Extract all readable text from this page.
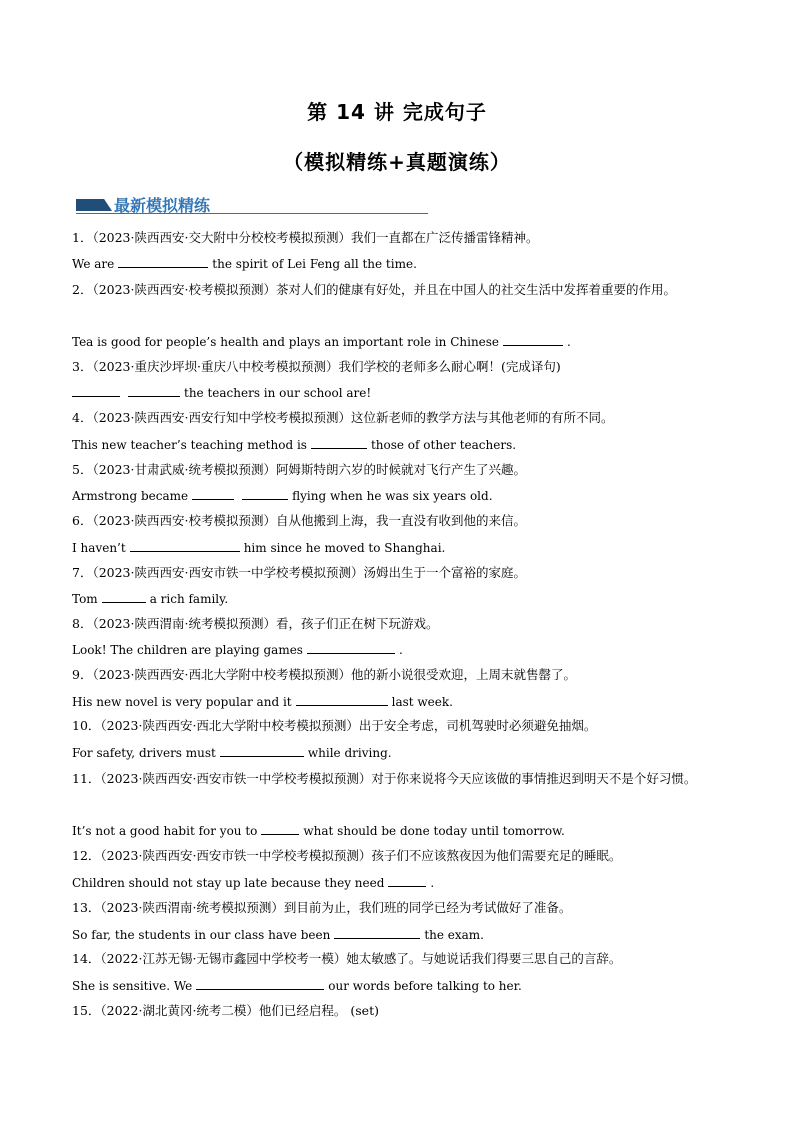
第 14 讲 完成句子
（模拟精练+真题演练）
最新模拟精练
1．（2023·陕西西安·交大附中分校校考模拟预测）我们一直都在广泛传播雷锋精神。
We are	the spirit of Lei Feng all the time.
2．（2023·陕西西安·校考模拟预测）茶对人们的健康有好处，并且在中国人的社交生活中发挥着重要的作用。
Tea is good for people’s health and plays an important role in Chinese	.
3．（2023·重庆沙坪坝·重庆八中校考模拟预测）我们学校的老师多么耐心啊！(完成译句)
the teachers in our school are!
4．（2023·陕西西安·西安行知中学校考模拟预测）这位新老师的教学方法与其他老师的有所不同。
This new teacher’s teaching method is	those of other teachers.
5．（2023·甘肃武威·统考模拟预测）阿姆斯特朗六岁的时候就对飞行产生了兴趣。
Armstrong became	flying when he was six years old.
6．（2023·陕西西安·校考模拟预测）自从他搬到上海，我一直没有收到他的来信。
I haven’t	him since he moved to Shanghai.
7．（2023·陕西西安·西安市铁一中学校考模拟预测）汤姆出生于一个富裕的家庭。
Tom	a rich family.
8．（2023·陕西渭南·统考模拟预测）看，孩子们正在树下玩游戏。
Look! The children are playing games	.
9．（2023·陕西西安·西北大学附中校考模拟预测）他的新小说很受欢迎，上周末就售罄了。
His new novel is very popular and it	last week.
10．（2023·陕西西安·西北大学附中校考模拟预测）出于安全考虑，司机驾驶时必须避免抽烟。
For safety, drivers must	while driving.
11．（2023·陕西西安·西安市铁一中学校考模拟预测）对于你来说将今天应该做的事情推迟到明天不是个好习惯。
It’s not a good habit for you to	what should be done today until tomorrow.
12．（2023·陕西西安·西安市铁一中学校考模拟预测）孩子们不应该熬夜因为他们需要充足的睡眠。
Children should not stay up late because they need	.
13．（2023·陕西渭南·统考模拟预测）到目前为止，我们班的同学已经为考试做好了准备。
So far, the students in our class have been	the exam.
14．（2022·江苏无锡·无锡市鑫园中学校考一模）她太敏感了。与她说话我们得要三思自己的言辞。
She is sensitive. We	our words before talking to her.
15．（2022·湖北黄冈·统考二模）他们已经启程。 (set)
